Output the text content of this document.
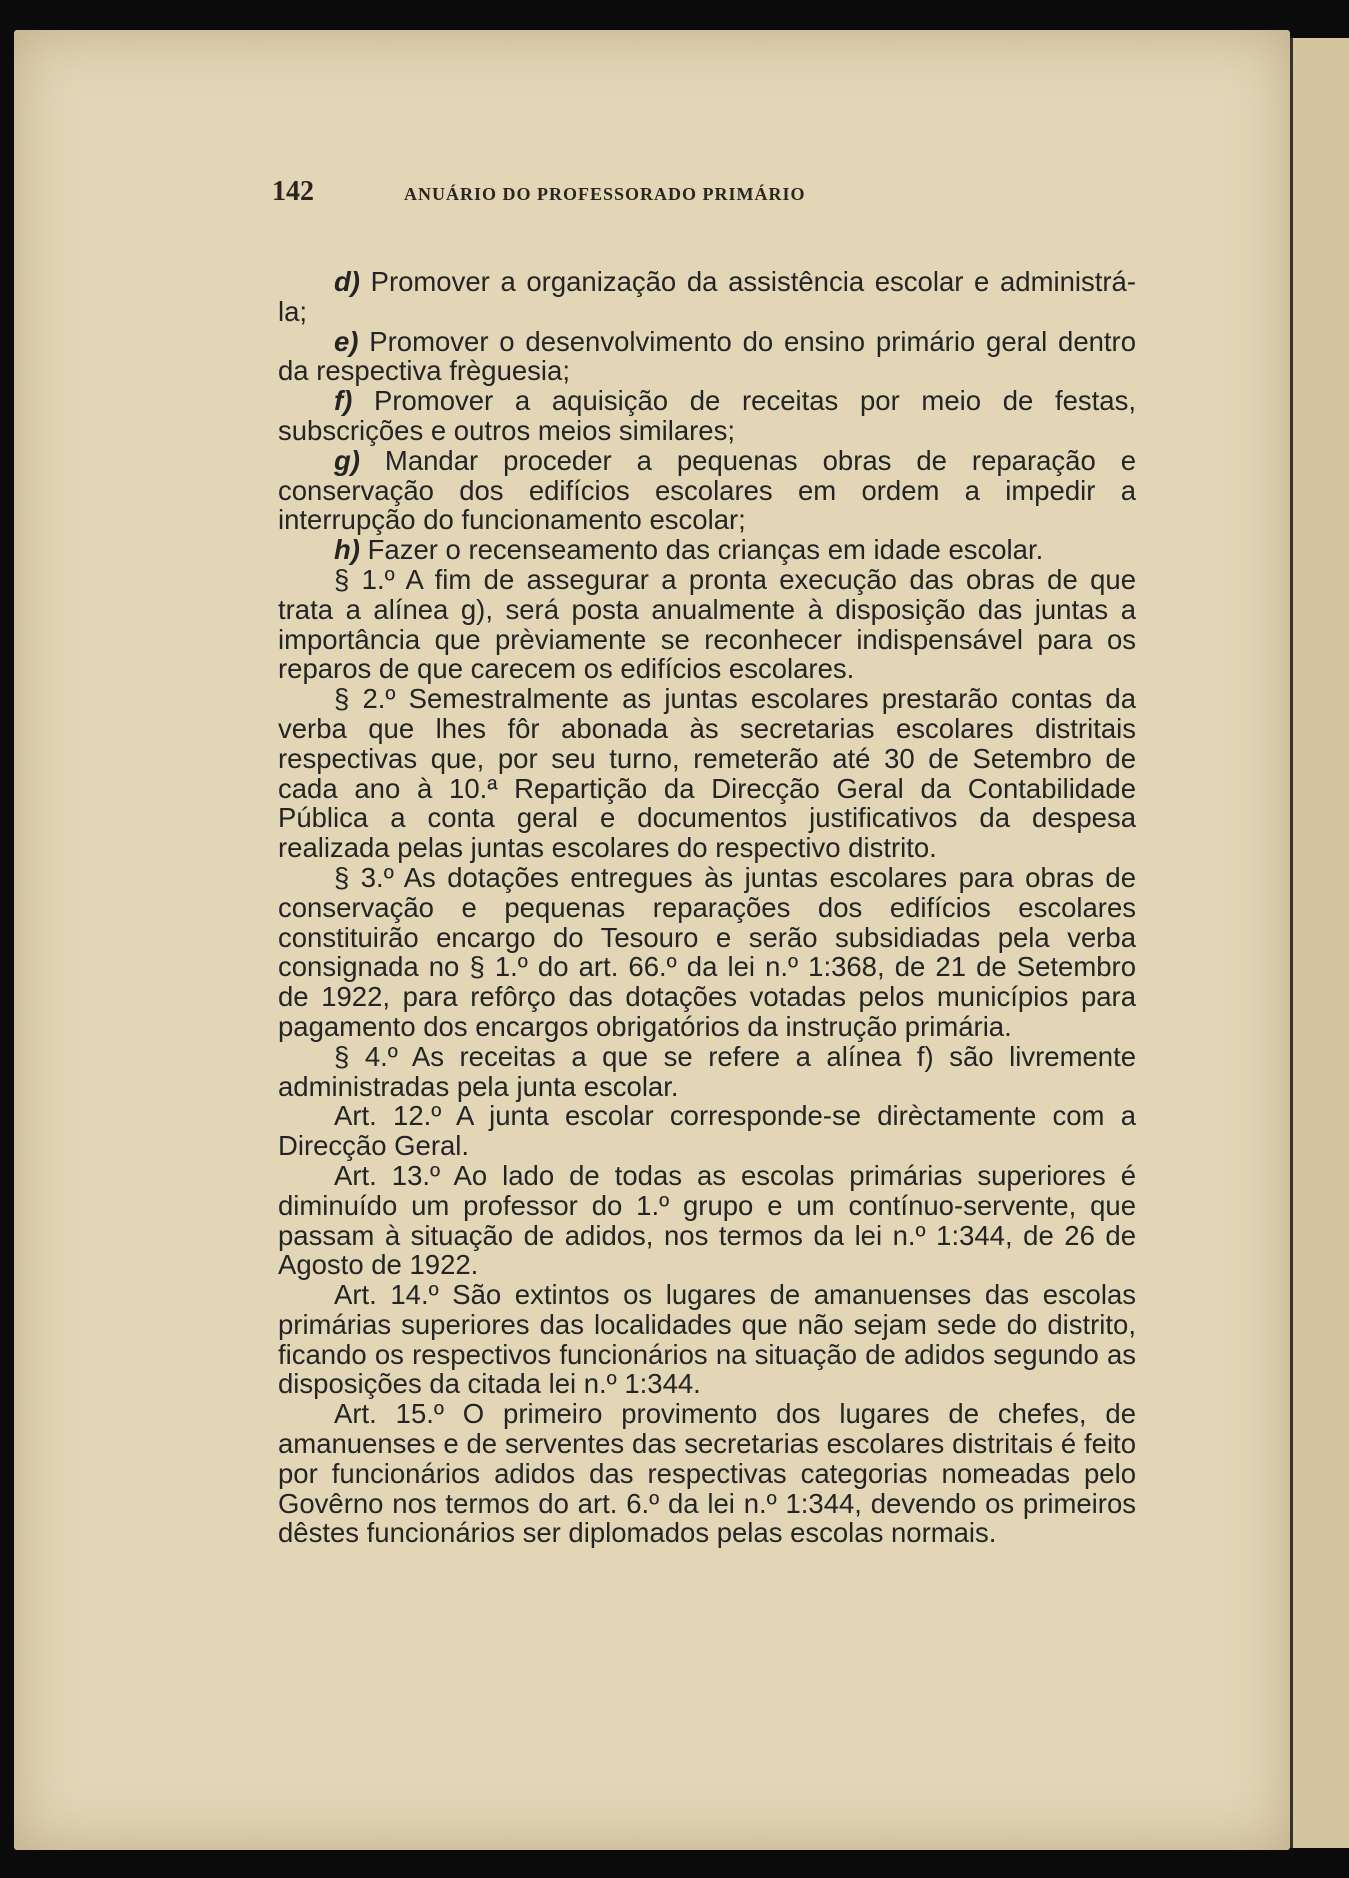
142	ANUÁRIO DO PROFESSORADO PRIMÁRIO

d) Promover a organização da assistência escolar e administrá-la;

e) Promover o desenvolvimento do ensino primário geral dentro da respectiva frèguesia;

f) Promover a aquisição de receitas por meio de festas, subscrições e outros meios similares;

g) Mandar proceder a pequenas obras de reparação e conservação dos edifícios escolares em ordem a impedir a interrupção do funcionamento escolar;

h) Fazer o recenseamento das crianças em idade escolar.

§ 1.º A fim de assegurar a pronta execução das obras de que trata a alínea g), será posta anualmente à disposição das juntas a importância que prèviamente se reconhecer indispensável para os reparos de que carecem os edifícios escolares.

§ 2.º Semestralmente as juntas escolares prestarão contas da verba que lhes fôr abonada às secretarias escolares distritais respectivas que, por seu turno, remeterão até 30 de Setembro de cada ano à 10.ª Repartição da Direcção Geral da Contabilidade Pública a conta geral e documentos justificativos da despesa realizada pelas juntas escolares do respectivo distrito.

§ 3.º As dotações entregues às juntas escolares para obras de conservação e pequenas reparações dos edifícios escolares constituirão encargo do Tesouro e serão subsidiadas pela verba consignada no § 1.º do art. 66.º da lei n.º 1:368, de 21 de Setembro de 1922, para refôrço das dotações votadas pelos municípios para pagamento dos encargos obrigatórios da instrução primária.

§ 4.º As receitas a que se refere a alínea f) são livremente administradas pela junta escolar.

Art. 12.º A junta escolar corresponde-se dirèctamente com a Direcção Geral.

Art. 13.º Ao lado de todas as escolas primárias superiores é diminuído um professor do 1.º grupo e um contínuo-servente, que passam à situação de adidos, nos termos da lei n.º 1:344, de 26 de Agosto de 1922.

Art. 14.º São extintos os lugares de amanuenses das escolas primárias superiores das localidades que não sejam sede do distrito, ficando os respectivos funcionários na situação de adidos segundo as disposições da citada lei n.º 1:344.

Art. 15.º O primeiro provimento dos lugares de chefes, de amanuenses e de serventes das secretarias escolares distritais é feito por funcionários adidos das respectivas categorias nomeadas pelo Govêrno nos termos do art. 6.º da lei n.º 1:344, devendo os primeiros dêstes funcionários ser diplomados pelas escolas normais.
